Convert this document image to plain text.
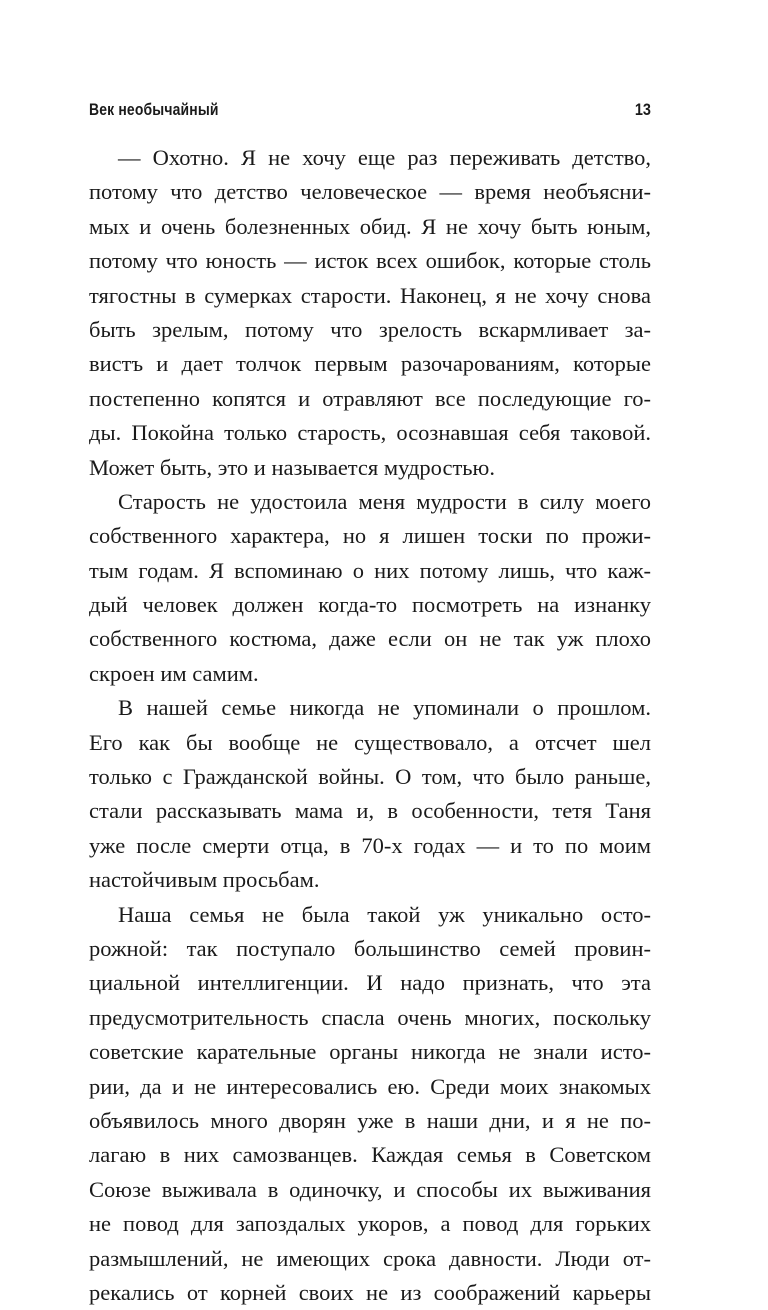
Век необычайный	13
— Охотно. Я не хочу еще раз переживать детство,
потому что детство человеческое — время необъясни-
мых и очень болезненных обид. Я не хочу быть юным,
потому что юность — исток всех ошибок, которые столь
тягостны в сумерках старости. Наконец, я не хочу снова
быть зрелым, потому что зрелость вскармливает за-
вистъ и дает толчок первым разочарованиям, которые
постепенно копятся и отравляют все последующие го-
ды. Покойна только старость, осознавшая себя таковой.
Может быть, это и называется мудростью.
Старость не удостоила меня мудрости в силу моего
собственного характера, но я лишен тоски по прожи-
тым годам. Я вспоминаю о них потому лишь, что каж-
дый человек должен когда-то посмотреть на изнанку
собственного костюма, даже если он не так уж плохо
скроен им самим.
В нашей семье никогда не упоминали о прошлом.
Его как бы вообще не существовало, а отсчет шел
только с Гражданской войны. О том, что было раньше,
стали рассказывать мама и, в особенности, тетя Таня
уже после смерти отца, в 70-х годах — и то по моим
настойчивым просьбам.
Наша семья не была такой уж уникально осто-
рожной: так поступало большинство семей провин-
циальной интеллигенции. И надо признать, что эта
предусмотрительность спасла очень многих, поскольку
советские карательные органы никогда не знали исто-
рии, да и не интересовались ею. Среди моих знакомых
объявилось много дворян уже в наши дни, и я не по-
лагаю в них самозванцев. Каждая семья в Советском
Союзе выживала в одиночку, и способы их выживания
не повод для запоздалых укоров, а повод для горьких
размышлений, не имеющих срока давности. Люди от-
рекались от корней своих не из соображений карьеры
